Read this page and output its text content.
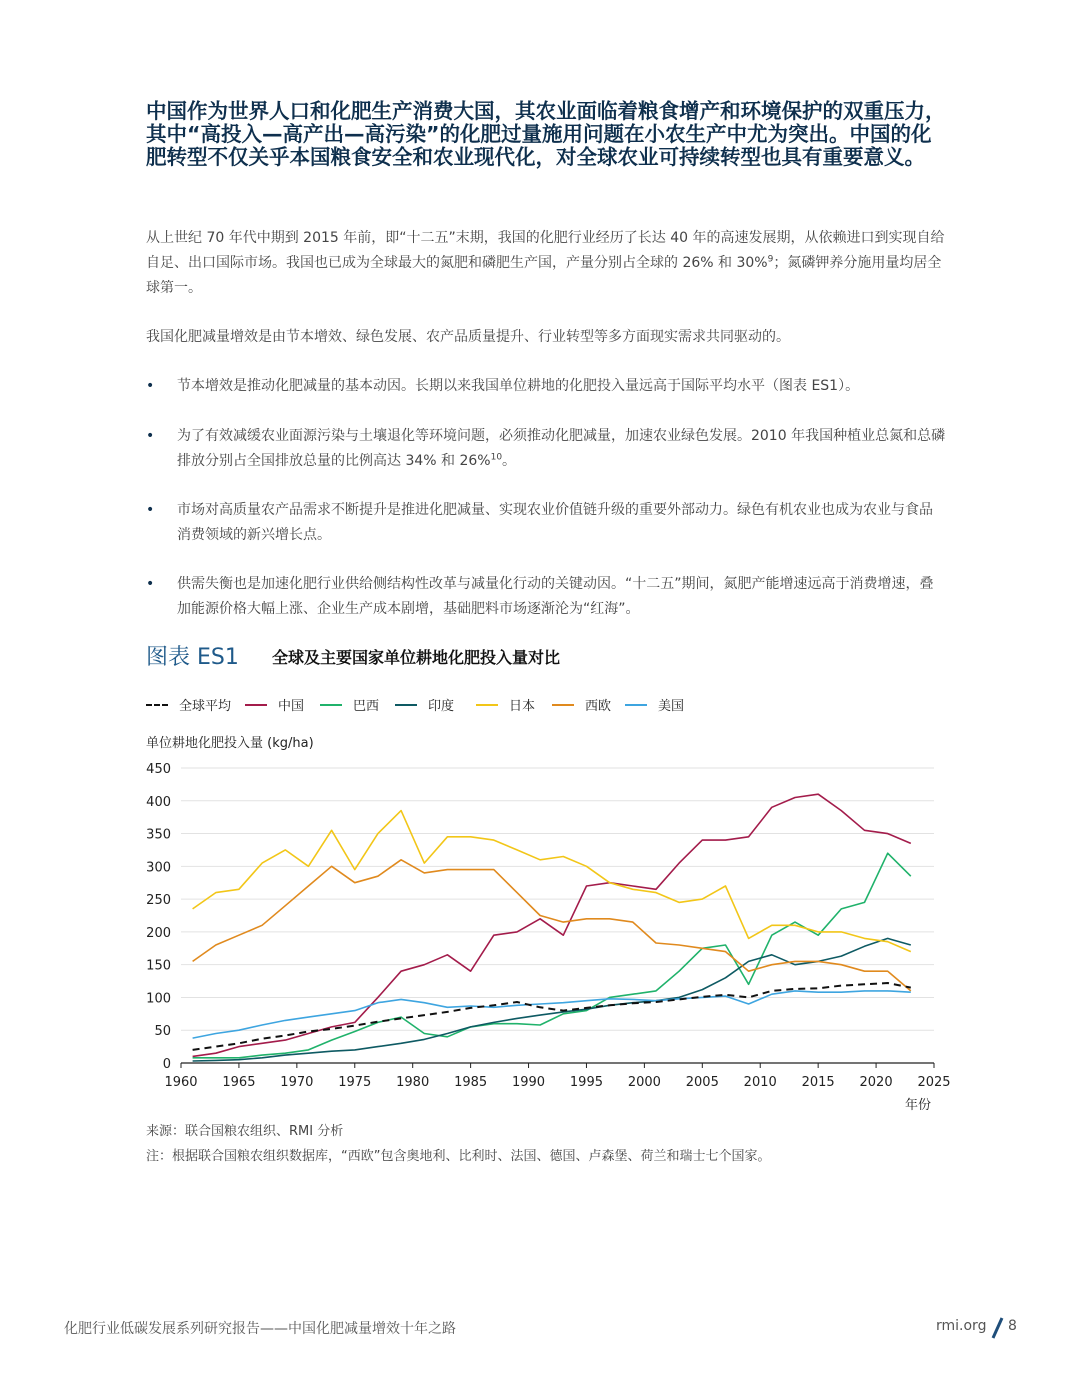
中国作为世界人口和化肥生产消费大国，其农业面临着粮食增产和环境保护的双重压力，其中“高投入—高产出—高污染”的化肥过量施用问题在小农生产中尤为突出。中国的化肥转型不仅关乎本国粮食安全和农业现代化，对全球农业可持续转型也具有重要意义。

从上世纪 70 年代中期到 2015 年前，即“十二五”末期，我国的化肥行业经历了长达 40 年的高速发展期，从依赖进口到实现自给自足、出口国际市场。我国也已成为全球最大的氮肥和磷肥生产国，产量分别占全球的 26% 和 30%$^9$；氮磷钾养分施用量均居全球第一。

我国化肥减量增效是由节本增效、绿色发展、农产品质量提升、行业转型等多方面现实需求共同驱动的。

•	节本增效是推动化肥减量的基本动因。长期以来我国单位耕地的化肥投入量远高于国际平均水平（图表 ES1）。
•	为了有效减缓农业面源污染与土壤退化等环境问题，必须推动化肥减量，加速农业绿色发展。2010 年我国种植业总氮和总磷排放分别占全国排放总量的比例高达 34% 和 26%$^{10}$。
•	市场对高质量农产品需求不断提升是推进化肥减量、实现农业价值链升级的重要外部动力。绿色有机农业也成为农业与食品消费领域的新兴增长点。
•	供需失衡也是加速化肥行业供给侧结构性改革与减量化行动的关键动因。“十二五”期间，氮肥产能增速远高于消费增速，叠加能源价格大幅上涨、企业生产成本剧增，基础肥料市场逐渐沦为“红海”。
图表 ES1 全球及主要国家单位耕地化肥投入量对比
全球平均	中国	巴西	印度	日本	西欧	美国
单位耕地化肥投入量 (kg/ha)
0
50
100
150
200
250
300
350
400
450
1960 1965 1970 1975 1980 1985 1990 1995 2000 2005 2010 2015 2020 2025
年份
来源：联合国粮农组织、RMI 分析
注：根据联合国粮农组织数据库，“西欧”包含奥地利、比利时、法国、德国、卢森堡、荷兰和瑞士七个国家。
化肥行业低碳发展系列研究报告——中国化肥减量增效十年之路	rmi.org 8
